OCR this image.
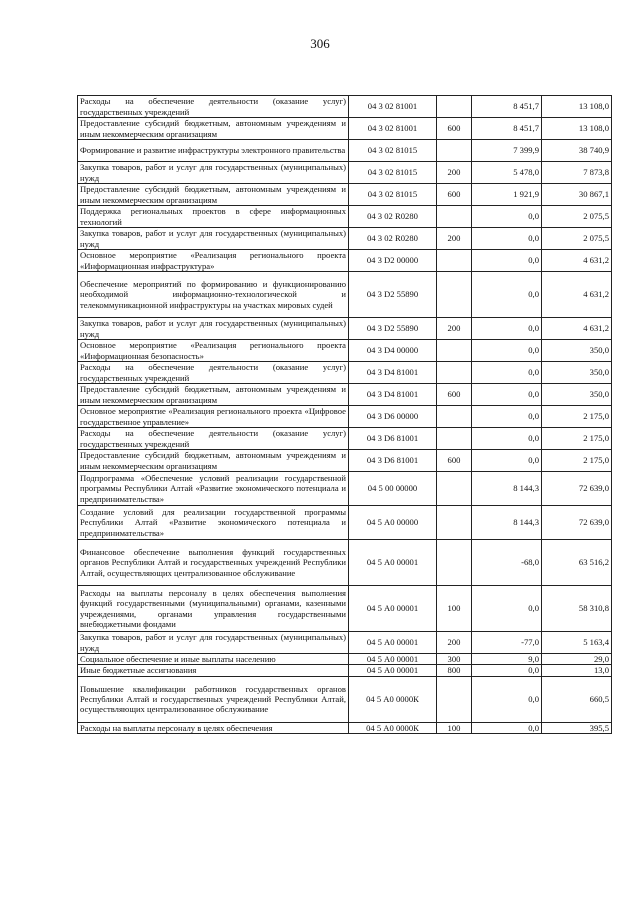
306
Расходы на обеспечение деятельности (оказание услуг) государственных учреждений	04 3 02 81001		8 451,7	13 108,0
Предоставление субсидий бюджетным, автономным учреждениям и иным некоммерческим организациям	04 3 02 81001	600	8 451,7	13 108,0
Формирование и развитие инфраструктуры электронного правительства	04 3 02 81015		7 399,9	38 740,9
Закупка товаров, работ и услуг для государственных (муниципальных) нужд	04 3 02 81015	200	5 478,0	7 873,8
Предоставление субсидий бюджетным, автономным учреждениям и иным некоммерческим организациям	04 3 02 81015	600	1 921,9	30 867,1
Поддержка региональных проектов в сфере информационных технологий	04 3 02 R0280		0,0	2 075,5
Закупка товаров, работ и услуг для государственных (муниципальных) нужд	04 3 02 R0280	200	0,0	2 075,5
Основное мероприятие «Реализация регионального проекта «Информационная инфраструктура»	04 3 D2 00000		0,0	4 631,2
Обеспечение мероприятий по формированию и функционированию необходимой информационно-технологической и телекоммуникационной инфраструктуры на участках мировых судей	04 3 D2 55890		0,0	4 631,2
Закупка товаров, работ и услуг для государственных (муниципальных) нужд	04 3 D2 55890	200	0,0	4 631,2
Основное мероприятие «Реализация регионального проекта «Информационная безопасность»	04 3 D4 00000		0,0	350,0
Расходы на обеспечение деятельности (оказание услуг) государственных учреждений	04 3 D4 81001		0,0	350,0
Предоставление субсидий бюджетным, автономным учреждениям и иным некоммерческим организациям	04 3 D4 81001	600	0,0	350,0
Основное мероприятие «Реализация регионального проекта «Цифровое государственное управление»	04 3 D6 00000		0,0	2 175,0
Расходы на обеспечение деятельности (оказание услуг) государственных учреждений	04 3 D6 81001		0,0	2 175,0
Предоставление субсидий бюджетным, автономным учреждениям и иным некоммерческим организациям	04 3 D6 81001	600	0,0	2 175,0
Подпрограмма «Обеспечение условий реализации государственной программы Республики Алтай «Развитие экономического потенциала и предпринимательства»	04 5 00 00000		8 144,3	72 639,0
Создание условий для реализации государственной программы Республики Алтай «Развитие экономического потенциала и предпринимательства»	04 5 А0 00000		8 144,3	72 639,0
Финансовое обеспечение выполнения функций государственных органов Республики Алтай и государственных учреждений Республики Алтай, осуществляющих централизованное обслуживание	04 5 А0 00001		-68,0	63 516,2
Расходы на выплаты персоналу в целях обеспечения выполнения функций государственными (муниципальными) органами, казенными учреждениями, органами управления государственными внебюджетными фондами	04 5 А0 00001	100	0,0	58 310,8
Закупка товаров, работ и услуг для государственных (муниципальных) нужд	04 5 А0 00001	200	-77,0	5 163,4
Социальное обеспечение и иные выплаты населению	04 5 А0 00001	300	9,0	29,0
Иные бюджетные ассигнования	04 5 А0 00001	800	0,0	13,0
Повышение квалификации работников государственных органов Республики Алтай и государственных учреждений Республики Алтай, осуществляющих централизованное обслуживание	04 5 А0 0000К		0,0	660,5
Расходы на выплаты персоналу в целях обеспечения	04 5 А0 0000К	100	0,0	395,5
